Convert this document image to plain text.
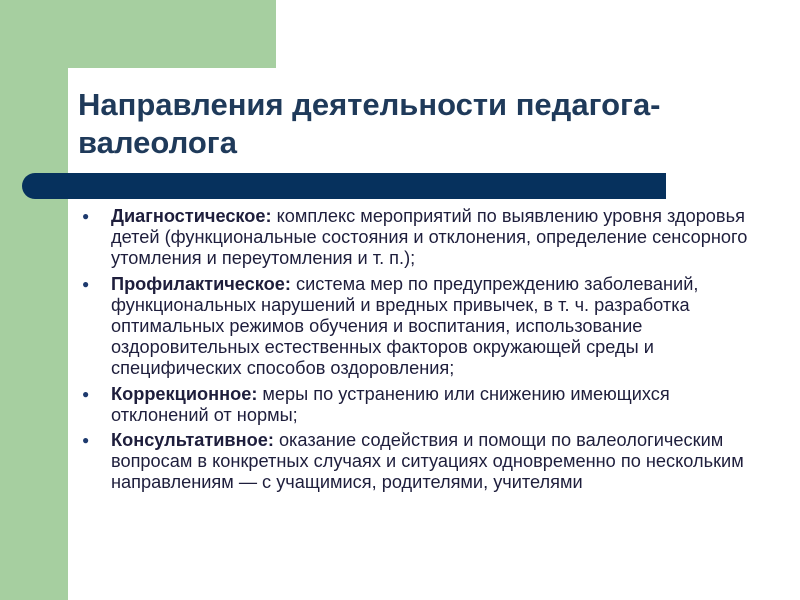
Направления деятельности педагога-валеолога
● Диагностическое: комплекс мероприятий по выявлению уровня здоровья детей (функциональные состояния и отклонения, определение сенсорного утомления и переутомления и т. п.);
● Профилактическое: система мер по предупреждению заболеваний, функциональных нарушений и вредных привычек, в т. ч. разработка оптимальных режимов обучения и воспитания, использование оздоровительных естественных факторов окружающей среды и специфических способов оздоровления;
● Коррекционное: меры по устранению или снижению имеющихся отклонений от нормы;
● Консультативное: оказание содействия и помощи по валеологическим вопросам в конкретных случаях и ситуациях одновременно по нескольким направлениям — с учащимися, родителями, учителями
